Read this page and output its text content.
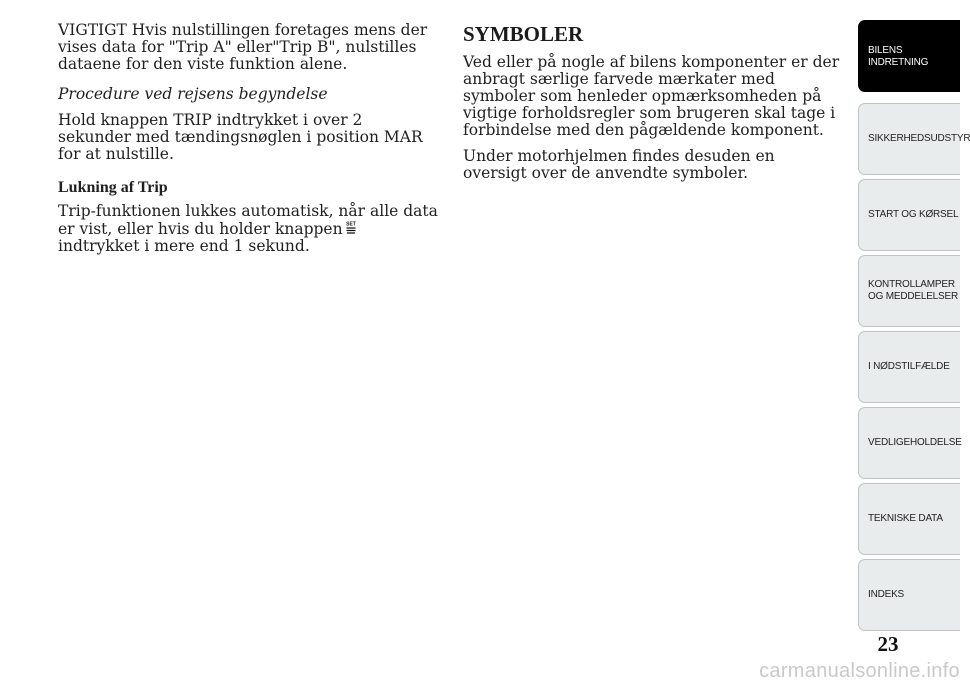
VIGTIGT Hvis nulstillingen foretages mens der vises data for "Trip A" eller"Trip B", nulstilles dataene for den viste funktion alene.

Procedure ved rejsens begyndelse

Hold knappen TRIP indtrykket i over 2 sekunder med tændingsnøglen i position MAR for at nulstille.

Lukning af Trip

Trip-funktionen lukkes automatisk, når alle data er vist, eller hvis du holder knappen SET
indtrykket i mere end 1 sekund.

SYMBOLER

Ved eller på nogle af bilens komponenter er der anbragt særlige farvede mærkater med symboler som henleder opmærksomheden på vigtige forholdsregler som brugeren skal tage i forbindelse med den pågældende komponent.

Under motorhjelmen findes desuden en oversigt over de anvendte symboler.

BILENS
INDRETNING
SIKKERHEDSUDSTYR
START OG KØRSEL
KONTROLLAMPER
OG MEDDELELSER
I NØDSTILFÆLDE
VEDLIGEHOLDELSE
TEKNISKE DATA
INDEKS
23
carmanualsonline.info
